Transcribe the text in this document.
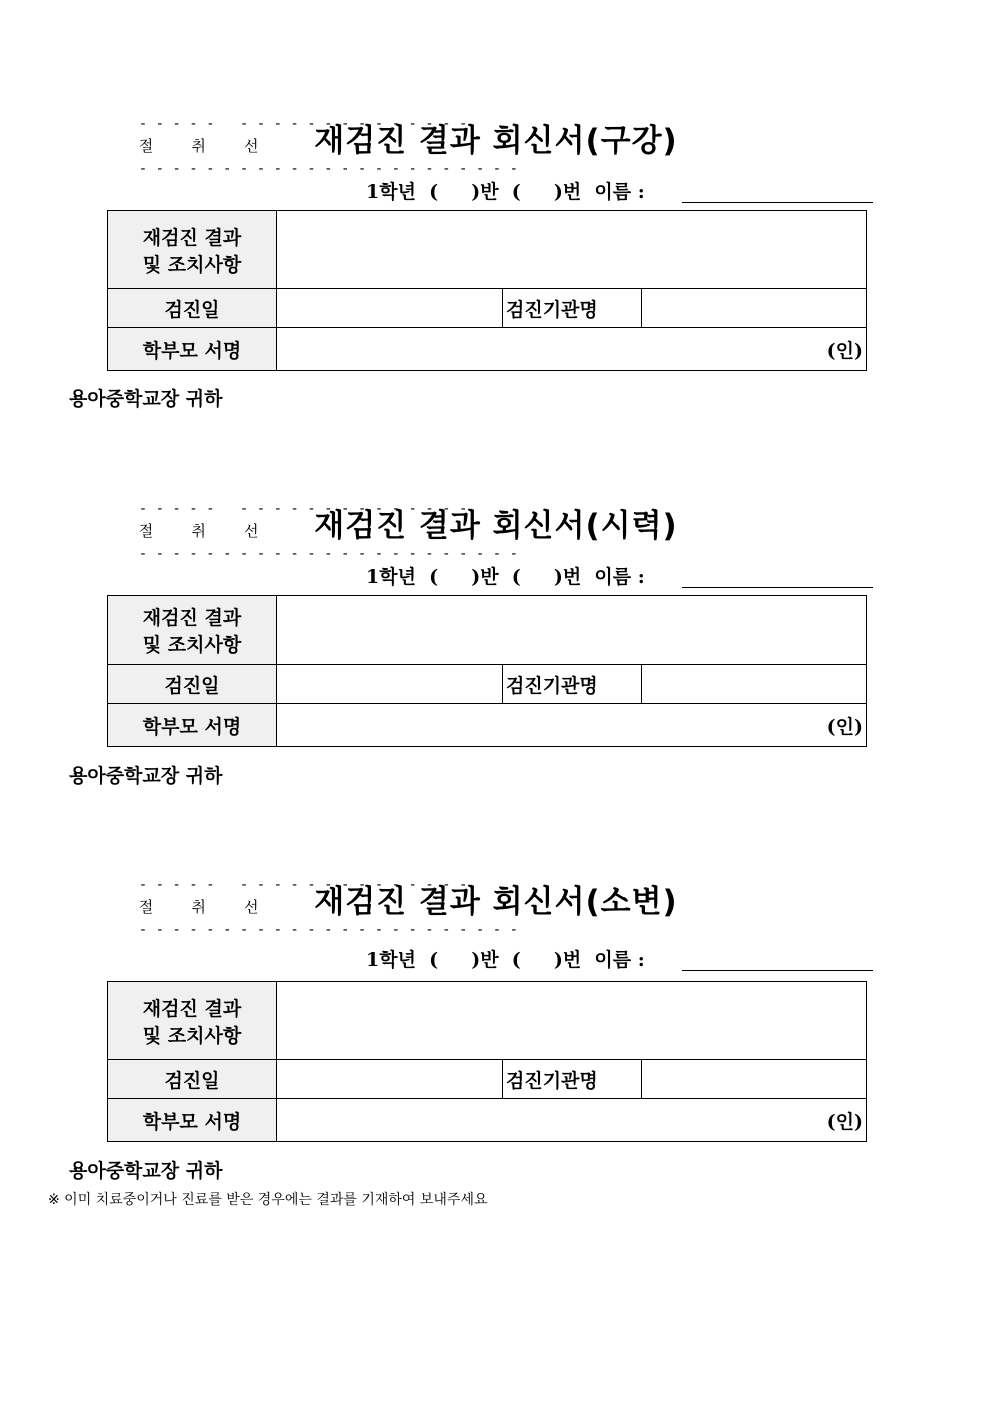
- - - - -   - - - - - - - - - - - - - -
절        취        선
- - - - - - - - - - - - - - - - - - - - - - -

재검진 결과 회신서(구강)
1학년  (     )반  (     )번  이름 :
재검진 결과
및 조치사항			

검진일		검진기관명	
학부모 서명	(인)		
용아중학교장 귀하

- - - - -   - - - - - - - - - - - - - -
절        취        선
- - - - - - - - - - - - - - - - - - - - - - -

재검진 결과 회신서(시력)
1학년  (     )반  (     )번  이름 :
재검진 결과
및 조치사항			

검진일		검진기관명	
학부모 서명	(인)		
용아중학교장 귀하

- - - - -   - - - - - - - - - - - - - -
절        취        선
- - - - - - - - - - - - - - - - - - - - - - -

재검진 결과 회신서(소변)
1학년  (     )반  (     )번  이름 :
재검진 결과
및 조치사항			

검진일		검진기관명	
학부모 서명	(인)		
용아중학교장 귀하
※ 이미 치료중이거나 진료를 받은 경우에는 결과를 기재하여 보내주세요
